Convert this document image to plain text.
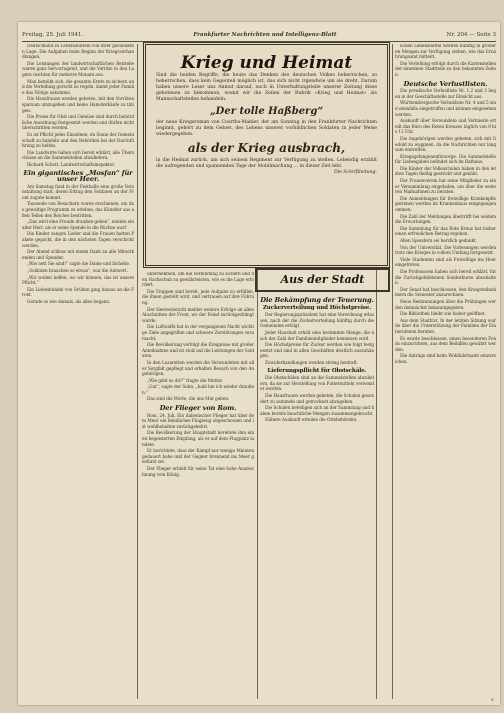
Freitag, 25. Juli 1941.	Frankfurter Nachrichten und Intelligenz-Blatt	Nr. 204 — Seite 3

Deutschland zu Lebensmitteln von ihrer gesundeten Lage. Die Aufgaben beim Beginn der Kriegsverhandlungen.

Die Leistungen der landwirtschaftlichen Betriebe waren ganz hervorragend, und die Vorräte in den Lagern reichten für mehrere Monate aus.

Man bemüht sich, die gesamte Ernte zu sichern und die Verteilung gerecht zu regeln, damit jeder Familie das Nötige zukomme.

Die Hausfrauen werden gebeten, mit den Vorräten sparsam umzugehen und keine Hamsterkäufe zu tätigen.

Die Preise für Obst und Gemüse sind durch behördliche Anordnung festgesetzt worden und dürfen nicht überschritten werden.

Es ist Pflicht jedes Einzelnen, im Sinne der Gemeinschaft zu handeln und den Behörden bei der Durchführung zu helfen.

Die Landwirte haben sich bereit erklärt, alle Überschüsse an die Sammelstellen abzuliefern.

Richard Schott, Landwirtschaftsinspektor.

Ein gigantisches „Mosfan“ für unser Heer.

Am Samstag fand in der Festhalle eine große Veranstaltung statt, deren Ertrag den Soldaten an der Front zugute kommt.

Tausende von Besuchern waren erschienen, um das gewaltige Programm zu erleben, das Künstler aus allen Teilen des Reiches bestritten.

„Das wird eine Freude draußen geben“, meinte ein alter Herr, als er seine Spende in die Büchse warf.

Die Kinder sangen Lieder und die Frauen hatten Pakete gepackt, die in den nächsten Tagen verschickt werden.

Der Abend schloss mit einem Dank an alle Mitwirkenden und Spender.

„Wie nett Sie sind!“ sagte die Dame und lächelte.

„Soldaten brauchen so etwas“, war die Antwort.

„Wir wollen helfen, wo wir können, das ist unsere Pflicht.“

Ein Liebesbündel von Grüßen ging hinaus an die Front.

Gerade so wie damals, als alles begann.

Krieg und Heimat
Sind die beiden Begriffe, die heute das Denken des deutschen Volkes beherrschen, so beherrschen, dass kein Gegenteil möglich ist, das sich nicht irgendwie um sie dreht. Darum haben unsere Leser uns Anmut darauf, auch in Unterhaltungsteile unserer Zeitung diese gebotenen zu bekommen, womit wir die Zeilen der Rubrik «Krieg und Heimat» als Mannschaftsteilen behandeln.
„Der tolle Haßberg“
der neue Kriegsroman von Courths-Mahler, der am Sonntag in den Frankfurter Nachrichten beginnt, gehört zu dem Gebiet, des Lebens unserer vorbildlichen Soldaten in jeder Weise wiedergegeben.
als der Krieg ausbrach,
in die Heimat zurück, um sich seinem Regiment zur Verfügung zu stellen. Lebendig erzählt die aufregenden und spannenden Tage der Mobilmachung ... in dieser Zeit lebt.
Die Schriftleitung.

unternehmen, um die Verbindung zu sichern und den Nachschub zu gewährleisten, wie es die Lage erfordert.

Die Truppen sind bereit, jede Aufgabe zu erfüllen, die ihnen gestellt wird, und vertrauen auf ihre Führung.

Der Heeresbericht meldet weitere Erfolge an allen Abschnitten der Front, wo der Feind zurückgedrängt wurde.

Die Luftwaffe hat in der vergangenen Nacht wichtige Ziele angegriffen und schwere Zerstörungen verursacht.

Die Bevölkerung verfolgt die Ereignisse mit großer Anteilnahme und ist stolz auf die Leistungen der Soldaten.

In den Lazaretten werden die Verwundeten mit aller Sorgfalt gepflegt und erhalten Besuch von den Angehörigen.

„Wie geht es dir?“ fragte die Mutter.

„Gut“, sagte der Sohn, „bald bin ich wieder draußen.“

Das sind die Worte, die uns Mut geben.

Der Flieger von Rom.

Rom, 24. Juli. Ein italienischer Flieger hat über dem Meer ein feindliches Flugzeug abgeschossen und ist wohlbehalten zurückgekehrt.

Die Bevölkerung der Hauptstadt bereitete ihm einen begeisterten Empfang, als er auf dem Flugplatz landete.

Er berichtete, dass der Kampf nur wenige Minuten gedauert habe und der Gegner brennend ins Meer gestürzt sei.

Der Flieger erhielt für seine Tat eine hohe Auszeichnung vom König.

Aus der Stadt
Die Bekämpfung der Teuerung.
Zuckerverteilung und Höchstpreise.

Der Regierungspräsident hat eine Verordnung erlassen, nach der die Zuckerverteilung künftig durch die Gemeinden erfolgt.

Jeder Haushalt erhält eine bestimmte Menge, die nach der Zahl der Familienmitglieder bemessen wird.

Die Höchstpreise für Zucker werden wie folgt festgesetzt und sind in allen Geschäften deutlich auszuhängen.

Zuwiderhandlungen werden streng bestraft.

Lieferungspflicht für Obstschäle.

Die Obstschälen sind an die Sammelstellen abzuliefern, da sie zur Herstellung von Futtermitteln verwendet werden.

Die Hausfrauen werden gebeten, die Schalen gesondert zu sammeln und getrocknet abzugeben.

Die Schulen beteiligen sich an der Sammlung und haben bereits beachtliche Mengen zusammengebracht.

Nähere Auskunft erteilen die Ortsbehörden.

lichen Lebensmittel werden künftig in größeren Mengen zur Verfügung stehen, wie das Ernährungsamt mitteilt.

Die Verteilung erfolgt durch die Kartenstellen der einzelnen Stadtteile zu den bekannten Zeiten.

Deutsche Verlustlisten.

Die preußische Verlustliste Nr. 1,2 und 3 liegen in der Geschäftsstelle zur Einsicht aus.

Württembergische Verlustliste Nr. 4 und 5 sind ebenfalls eingetroffen und können eingesehen werden.

Auskunft über Verwundete und Vermisste erteilt das Büro des Roten Kreuzes täglich von 9 bis 12 Uhr.

Die Angehörigen werden gebeten, sich mit Geduld zu wappnen, da die Nachrichten nur langsam eintreffen.

Kriegsgefangenenfürsorge. Die Sammelstelle für Liebesgaben befindet sich im Rathaus.

Die Kinder der Volksschulen haben in den letzten Tagen fleißig gestrickt und genäht.

Der Frauenverein hat seine Mitglieder zu einer Versammlung eingeladen, um über die weiteren Maßnahmen zu beraten.

Die Anmeldungen für freiwillige Krankenpflegerinnen werden im Krankenhaus entgegengenommen.

Die Zahl der Meldungen übertrifft bei weitem die Erwartungen.

Die Sammlung für das Rote Kreuz hat bisher einen erfreulichen Betrag ergeben.

Allen Spendern sei herzlich gedankt.

Von der Universität. Die Vorlesungen werden trotz des Krieges in vollem Umfang fortgesetzt.

Viele Studenten sind als Freiwillige ins Heer eingetreten.

Die Professoren haben sich bereit erklärt, für die Zurückgebliebenen Sonderkurse abzuhalten.

Der Senat hat beschlossen, den Kriegsteilnehmern die Semester anzurechnen.

Neue Bestimmungen über die Prüfungen werden demnächst bekanntgegeben.

Die Bibliothek bleibt wie bisher geöffnet.

Aus dem Stadtrat. In der letzten Sitzung wurde über die Unterstützung der Familien der Einberufenen beraten.

Es wurde beschlossen, einen besonderen Fonds einzurichten, aus dem Beihilfen gewährt werden.

Die Anträge sind beim Wohlfahrtsamt einzureichen.

K
